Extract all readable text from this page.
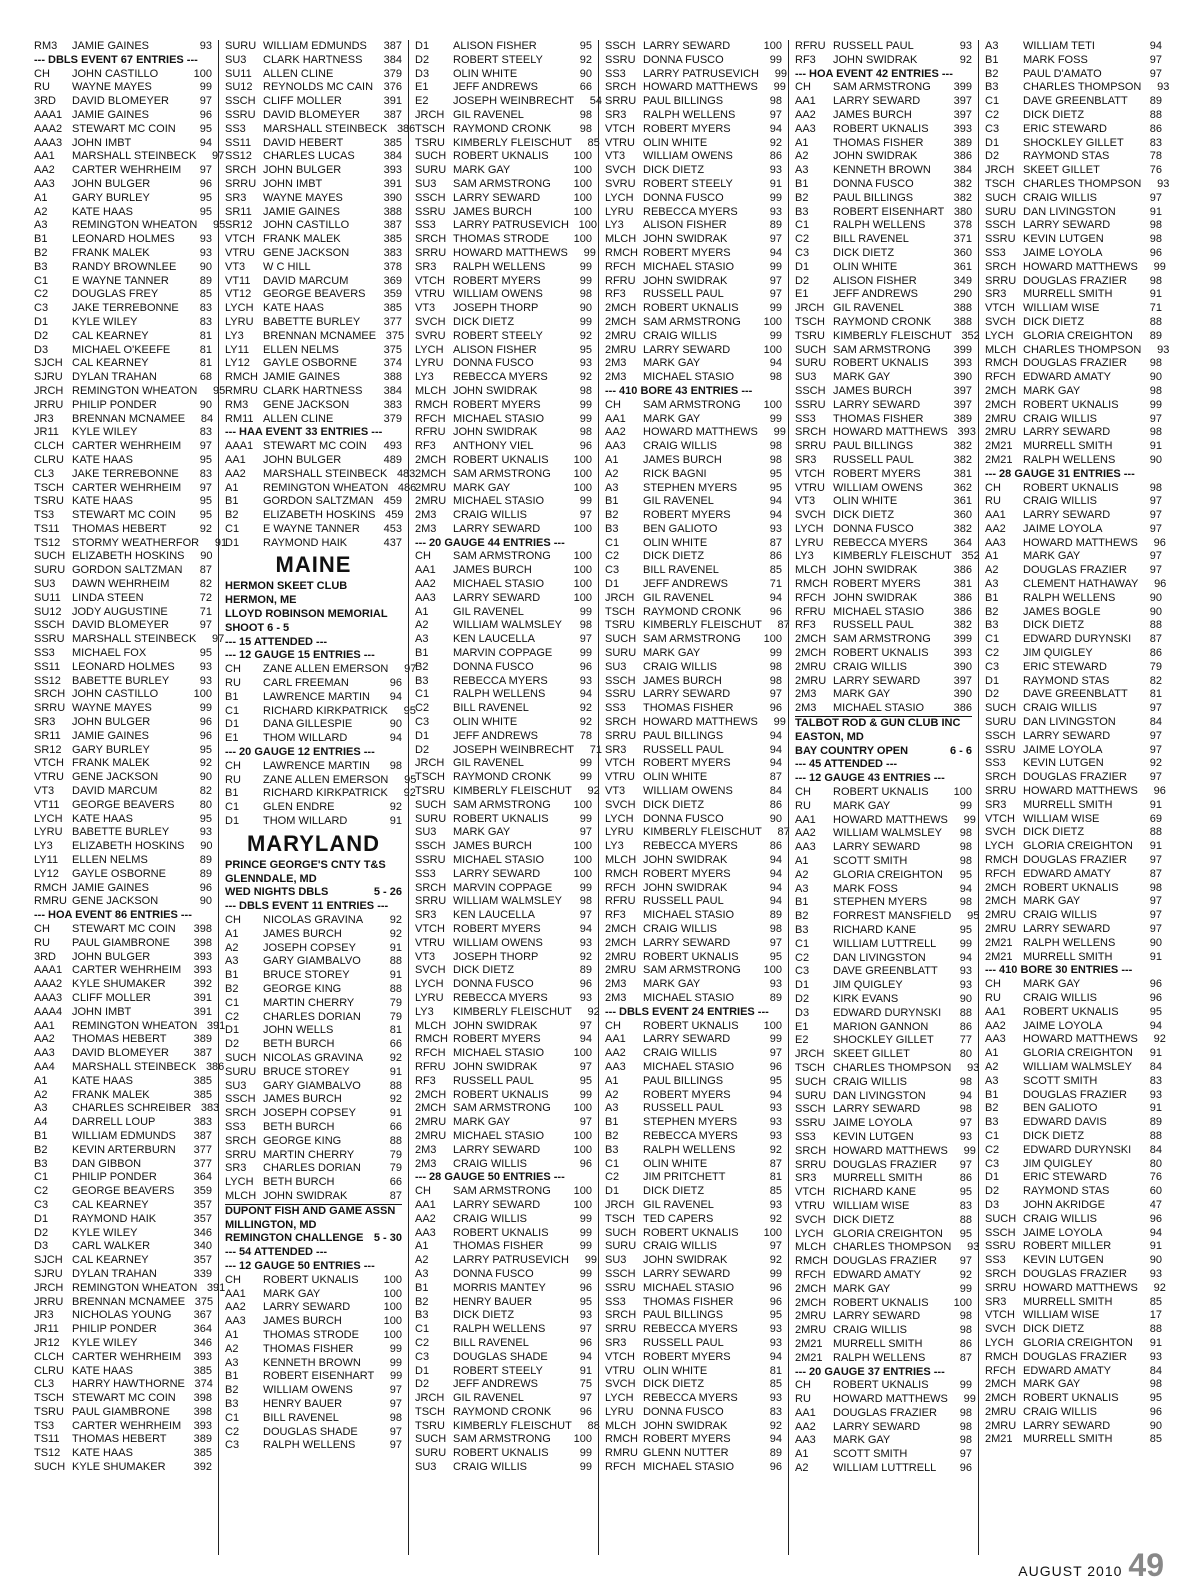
RM3	JAMIE GAINES	93
--- DBLS EVENT 67 ENTRIES ---
CH	JOHN CASTILLO	100
RU	WAYNE MAYES	99
3RD	DAVID BLOMEYER	97
AAA1 JAMIE GAINES	96
AAA2 STEWART MC COIN	95
AAA3 JOHN IMBT	94
AA1	MARSHALL STEINBECK	97
AA2	CARTER WEHRHEIM	97
AA3	JOHN BULGER	96
A1	GARY BURLEY	95
A2	KATE HAAS	95
A3	REMINGTON WHEATON	95
B1	LEONARD HOLMES	93
B2	FRANK MALEK	93
B3	RANDY BROWNLEE	90
C1	E WAYNE TANNER	89
C2	DOUGLAS FREY	85
C3	JAKE TERREBONNE	83
D1	KYLE WILEY	83
D2	CAL KEARNEY	81
D3	MICHAEL O'KEEFE	81
SJCH CAL KEARNEY	81
SJRU DYLAN TRAHAN	68
JRCH REMINGTON WHEATON	95
JRRU PHILIP PONDER	90
JR3	BRENNAN MCNAMEE	84
JR11	KYLE WILEY	83
CLCH CARTER WEHRHEIM	97
CLRU KATE HAAS	95
CL3	JAKE TERREBONNE	83
TSCH CARTER WEHRHEIM	97
TSRU KATE HAAS	95
TS3	STEWART MC COIN	95
TS11	THOMAS HEBERT	92
TS12	STORMY WEATHERFOR	91
SUCH ELIZABETH HOSKINS	90
SURU GORDON SALTZMAN	87
SU3	DAWN WEHRHEIM	82
SU11	LINDA STEEN	72
SU12 JODY AUGUSTINE	71
SSCH DAVID BLOMEYER	97
SSRU MARSHALL STEINBECK	97
SS3	MICHAEL FOX	95
SS11	LEONARD HOLMES	93
SS12	BABETTE BURLEY	93
SRCH JOHN CASTILLO	100
SRRU WAYNE MAYES	99
SR3	JOHN BULGER	96
SR11	JAMIE GAINES	96
SR12 GARY BURLEY	95
VTCH FRANK MALEK	92
VTRU GENE JACKSON	90
VT3	DAVID MARCUM	82
VT11	GEORGE BEAVERS	80
LYCH KATE HAAS	95
LYRU BABETTE BURLEY	93
LY3	ELIZABETH HOSKINS	90
LY11	ELLEN NELMS	89
LY12	GAYLE OSBORNE	89
RMCH JAMIE GAINES	96
RMRU GENE JACKSON	90
--- HOA EVENT 86 ENTRIES ---
CH	STEWART MC COIN	398
RU	PAUL GIAMBRONE	398
3RD	JOHN BULGER	393
AAA1 CARTER WEHRHEIM	393
AAA2 KYLE SHUMAKER	392
AAA3 CLIFF MOLLER	391
AAA4 JOHN IMBT	391
AA1	REMINGTON WHEATON 391
AA2	THOMAS HEBERT	389
AA3	DAVID BLOMEYER	387
AA4	MARSHALL STEINBECK 386
A1	KATE HAAS	385
A2	FRANK MALEK	385
A3	CHARLES SCHREIBER 383
A4	DARRELL LOUP	383
B1	WILLIAM EDMUNDS	387
B2	KEVIN ARTERBURN	377
B3	DAN GIBBON	377
C1	PHILIP PONDER	364
C2	GEORGE BEAVERS	359
C3	CAL KEARNEY	357
D1	RAYMOND HAIK	357
D2	KYLE WILEY	346
D3	CARL WALKER	340
SJCH CAL KEARNEY	357
SJRU DYLAN TRAHAN	339
JRCH REMINGTON WHEATON 391
JRRU BRENNAN MCNAMEE 375
JR3	NICHOLAS YOUNG	367
JR11	PHILIP PONDER	364
JR12	KYLE WILEY	346
CLCH CARTER WEHRHEIM	393
CLRU KATE HAAS	385
CL3	HARRY HAWTHORNE 374
TSCH STEWART MC COIN	398
TSRU PAUL GIAMBRONE	398
TS3	CARTER WEHRHEIM	393
TS11	THOMAS HEBERT	389
TS12	KATE HAAS	385
SUCH KYLE SHUMAKER	392
SURU WILLIAM EDMUNDS	387
SU3	CLARK HARTNESS	384
SU11	ALLEN CLINE	379
SU12 REYNOLDS MC CAIN 376
SSCH CLIFF MOLLER	391
SSRU DAVID BLOMEYER	387
SS3	MARSHALL STEINBECK 386
SS11	DAVID HEBERT	385
SS12	CHARLES LUCAS	384
SRCH JOHN BULGER	393
SRRU JOHN IMBT	391
SR3	WAYNE MAYES	390
SR11	JAMIE GAINES	388
SR12 JOHN CASTILLO	387
VTCH FRANK MALEK	385
VTRU GENE JACKSON	383
VT3	W C HILL	378
VT11	DAVID MARCUM	369
VT12	GEORGE BEAVERS	359
LYCH KATE HAAS	385
LYRU BABETTE BURLEY	377
LY3	BRENNAN MCNAMEE 375
LY11	ELLEN NELMS	375
LY12	GAYLE OSBORNE	374
RMCH JAMIE GAINES	388
RMRU CLARK HARTNESS	384
RM3	GENE JACKSON	383
RM11 ALLEN CLINE	379
--- HAA EVENT 33 ENTRIES ---
AAA1 STEWART MC COIN	493
AA1	JOHN BULGER	489
AA2	MARSHALL STEINBECK 483
A1	REMINGTON WHEATON 486
B1	GORDON SALTZMAN 459
B2	ELIZABETH HOSKINS 459
C1	E WAYNE TANNER	453
D1	RAYMOND HAIK	437
MAINE
HERMON SKEET CLUB
HERMON, ME
LLOYD ROBINSON MEMORIAL
SHOOT 6 - 5
--- 15 ATTENDED ---
--- 12 GAUGE 15 ENTRIES ---
CH	ZANE ALLEN EMERSON	97
RU	CARL FREEMAN	96
B1	LAWRENCE MARTIN	94
C1	RICHARD KIRKPATRICK	95
D1	DANA GILLESPIE	90
E1	THOM WILLARD	94
--- 20 GAUGE 12 ENTRIES ---
CH	LAWRENCE MARTIN	98
RU	ZANE ALLEN EMERSON	95
B1	RICHARD KIRKPATRICK	92
C1	GLEN ENDRE	92
D1	THOM WILLARD	91
MARYLAND
PRINCE GEORGE'S CNTY T&S
GLENNDALE, MD
WED NIGHTS DBLS	5 - 26
--- DBLS EVENT 11 ENTRIES ---
CH	NICOLAS GRAVINA	92
A1	JAMES BURCH	92
A2	JOSEPH COPSEY	91
A3	GARY GIAMBALVO	88
B1	BRUCE STOREY	91
B2	GEORGE KING	88
C1	MARTIN CHERRY	79
C2	CHARLES DORIAN	79
D1	JOHN WELLS	81
D2	BETH BURCH	66
SUCH NICOLAS GRAVINA	92
SURU BRUCE STOREY	91
SU3	GARY GIAMBALVO	88
SSCH JAMES BURCH	92
SRCH JOSEPH COPSEY	91
SS3	BETH BURCH	66
SRCH GEORGE KING	88
SRRU MARTIN CHERRY	79
SR3	CHARLES DORIAN	79
LYCH BETH BURCH	66
MLCH JOHN SWIDRAK	87
DUPONT FISH AND GAME ASSN
MILLINGTON, MD
REMINGTON CHALLENGE 5 - 30
--- 54 ATTENDED ---
--- 12 GAUGE 50 ENTRIES ---
CH	ROBERT UKNALIS	100
AA1	MARK GAY	100
AA2	LARRY SEWARD	100
AA3	JAMES BURCH	100
A1	THOMAS STRODE	100
A2	THOMAS FISHER	99
A3	KENNETH BROWN	99
B1	ROBERT EISENHART	99
B2	WILLIAM OWENS	97
B3	HENRY BAUER	97
C1	BILL RAVENEL	98
C2	DOUGLAS SHADE	97
C3	RALPH WELLENS	97
D1	ALISON FISHER	95
D2	ROBERT STEELY	92
D3	OLIN WHITE	90
E1	JEFF ANDREWS	66
E2	JOSEPH WEINBRECHT	54
JRCH GIL RAVENEL	98
TSCH RAYMOND CRONK	98
TSRU KIMBERLY FLEISCHUT	85
SUCH ROBERT UKNALIS	100
SURU MARK GAY	100
SU3	SAM ARMSTRONG	100
SSCH LARRY SEWARD	100
SSRU JAMES BURCH	100
SS3	LARRY PATRUSEVICH 100
SRCH THOMAS STRODE	100
SRRU HOWARD MATTHEWS	99
SR3	RALPH WELLENS	99
VTCH ROBERT MYERS	99
VTRU WILLIAM OWENS	98
VT3	JOSEPH THORP	90
SVCH DICK DIETZ	99
SVRU ROBERT STEELY	92
LYCH ALISON FISHER	95
LYRU DONNA FUSCO	93
LY3	REBECCA MYERS	92
MLCH JOHN SWIDRAK	98
RMCH ROBERT MYERS	99
RFCH MICHAEL STASIO	99
RFRU JOHN SWIDRAK	98
RF3	ANTHONY VIEL	96
2MCH ROBERT UKNALIS	100
2MCH SAM ARMSTRONG	100
2MRU MARK GAY	100
2MRU MICHAEL STASIO	99
2M3	CRAIG WILLIS	97
2M3	LARRY SEWARD	100
--- 20 GAUGE 44 ENTRIES ---
CH	SAM ARMSTRONG	100
AA1	JAMES BURCH	100
AA2	MICHAEL STASIO	100
AA3	LARRY SEWARD	100
A1	GIL RAVENEL	99
A2	WILLIAM WALMSLEY	98
A3	KEN LAUCELLA	97
B1	MARVIN COPPAGE	99
B2	DONNA FUSCO	96
B3	REBECCA MYERS	93
C1	RALPH WELLENS	94
C2	BILL RAVENEL	92
C3	OLIN WHITE	92
D1	JEFF ANDREWS	78
D2	JOSEPH WEINBRECHT	71
JRCH GIL RAVENEL	99
TSCH RAYMOND CRONK	99
TSRU KIMBERLY FLEISCHUT	92
SUCH SAM ARMSTRONG	100
SURU ROBERT UKNALIS	99
SU3	MARK GAY	97
SSCH JAMES BURCH	100
SSRU MICHAEL STASIO	100
SS3	LARRY SEWARD	100
SRCH MARVIN COPPAGE	99
SRRU WILLIAM WALMSLEY	98
SR3	KEN LAUCELLA	97
VTCH ROBERT MYERS	94
VTRU WILLIAM OWENS	93
VT3	JOSEPH THORP	92
SVCH DICK DIETZ	89
LYCH DONNA FUSCO	96
LYRU REBECCA MYERS	93
LY3	KIMBERLY FLEISCHUT	92
MLCH JOHN SWIDRAK	97
RMCH ROBERT MYERS	94
RFCH MICHAEL STASIO	100
RFRU JOHN SWIDRAK	97
RF3	RUSSELL PAUL	95
2MCH ROBERT UKNALIS	99
2MCH SAM ARMSTRONG	100
2MRU MARK GAY	97
2MRU MICHAEL STASIO	100
2M3	LARRY SEWARD	100
2M3	CRAIG WILLIS	96
--- 28 GAUGE 50 ENTRIES ---
CH	SAM ARMSTRONG	100
AA1	LARRY SEWARD	100
AA2	CRAIG WILLIS	99
AA3	ROBERT UKNALIS	99
A1	THOMAS FISHER	99
A2	LARRY PATRUSEVICH	99
A3	DONNA FUSCO	99
B1	MORRIS MANTEY	96
B2	HENRY BAUER	95
B3	DICK DIETZ	93
C1	RALPH WELLENS	97
C2	BILL RAVENEL	96
C3	DOUGLAS SHADE	94
D1	ROBERT STEELY	91
D2	JEFF ANDREWS	75
JRCH GIL RAVENEL	97
TSCH RAYMOND CRONK	96
TSRU KIMBERLY FLEISCHUT	88
SUCH SAM ARMSTRONG	100
SURU ROBERT UKNALIS	99
SU3	CRAIG WILLIS	99
SSCH LARRY SEWARD	100
SSRU DONNA FUSCO	99
SS3	LARRY PATRUSEVICH	99
SRCH HOWARD MATTHEWS	99
SRRU PAUL BILLINGS	98
SR3	RALPH WELLENS	97
VTCH ROBERT MYERS	94
VTRU OLIN WHITE	92
VT3	WILLIAM OWENS	86
SVCH DICK DIETZ	93
SVRU ROBERT STEELY	91
LYCH DONNA FUSCO	99
LYRU REBECCA MYERS	93
LY3	ALISON FISHER	89
MLCH JOHN SWIDRAK	97
RMCH ROBERT MYERS	94
RFCH MICHAEL STASIO	99
RFRU JOHN SWIDRAK	97
RF3	RUSSELL PAUL	97
2MCH ROBERT UKNALIS	99
2MCH SAM ARMSTRONG	100
2MRU CRAIG WILLIS	99
2MRU LARRY SEWARD	100
2M3	MARK GAY	94
2M3	MICHAEL STASIO	98
--- 410 BORE 43 ENTRIES ---
CH	SAM ARMSTRONG	100
AA1	MARK GAY	99
AA2	HOWARD MATTHEWS	99
AA3	CRAIG WILLIS	98
A1	JAMES BURCH	98
A2	RICK BAGNI	95
A3	STEPHEN MYERS	95
B1	GIL RAVENEL	94
B2	ROBERT MYERS	94
B3	BEN GALIOTO	93
C1	OLIN WHITE	87
C2	DICK DIETZ	86
C3	BILL RAVENEL	85
D1	JEFF ANDREWS	71
JRCH GIL RAVENEL	94
TSCH RAYMOND CRONK	96
TSRU KIMBERLY FLEISCHUT	87
SUCH SAM ARMSTRONG	100
SURU MARK GAY	99
SU3	CRAIG WILLIS	98
SSCH JAMES BURCH	98
SSRU LARRY SEWARD	97
SS3	THOMAS FISHER	96
SRCH HOWARD MATTHEWS	99
SRRU PAUL BILLINGS	94
SR3	RUSSELL PAUL	94
VTCH ROBERT MYERS	94
VTRU OLIN WHITE	87
VT3	WILLIAM OWENS	84
SVCH DICK DIETZ	86
LYCH DONNA FUSCO	90
LYRU KIMBERLY FLEISCHUT	87
LY3	REBECCA MYERS	86
MLCH JOHN SWIDRAK	94
RMCH ROBERT MYERS	94
RFCH JOHN SWIDRAK	94
RFRU RUSSELL PAUL	94
RF3	MICHAEL STASIO	89
2MCH CRAIG WILLIS	98
2MCH LARRY SEWARD	97
2MRU ROBERT UKNALIS	95
2MRU SAM ARMSTRONG	100
2M3	MARK GAY	93
2M3	MICHAEL STASIO	89
--- DBLS EVENT 24 ENTRIES ---
CH	ROBERT UKNALIS	100
AA1	LARRY SEWARD	99
AA2	CRAIG WILLIS	97
AA3	MICHAEL STASIO	96
A1	PAUL BILLINGS	95
A2	ROBERT MYERS	94
A3	RUSSELL PAUL	93
B1	STEPHEN MYERS	93
B2	REBECCA MYERS	93
B3	RALPH WELLENS	92
C1	OLIN WHITE	87
C2	JIM PRITCHETT	81
D1	DICK DIETZ	85
JRCH GIL RAVENEL	93
TSCH TED CAPERS	92
SUCH ROBERT UKNALIS	100
SURU CRAIG WILLIS	97
SU3	JOHN SWIDRAK	92
SSCH LARRY SEWARD	99
SSRU MICHAEL STASIO	96
SS3	THOMAS FISHER	96
SRCH PAUL BILLINGS	95
SRRU REBECCA MYERS	93
SR3	RUSSELL PAUL	93
VTCH ROBERT MYERS	94
VTRU OLIN WHITE	81
SVCH DICK DIETZ	85
LYCH REBECCA MYERS	93
LYRU DONNA FUSCO	83
MLCH JOHN SWIDRAK	92
RMCH ROBERT MYERS	94
RMRU GLENN NUTTER	89
RFCH MICHAEL STASIO	96
RFRU RUSSELL PAUL	93
RF3	JOHN SWIDRAK	92
--- HOA EVENT 42 ENTRIES ---
CH	SAM ARMSTRONG	399
AA1	LARRY SEWARD	397
AA2	JAMES BURCH	397
AA3	ROBERT UKNALIS	393
A1	THOMAS FISHER	389
A2	JOHN SWIDRAK	386
A3	KENNETH BROWN	384
B1	DONNA FUSCO	382
B2	PAUL BILLINGS	382
B3	ROBERT EISENHART 380
C1	RALPH WELLENS	378
C2	BILL RAVENEL	371
C3	DICK DIETZ	360
D1	OLIN WHITE	361
D2	ALISON FISHER	349
E1	JEFF ANDREWS	290
JRCH GIL RAVENEL	388
TSCH RAYMOND CRONK	388
TSRU KIMBERLY FLEISCHUT 352
SUCH SAM ARMSTRONG	399
SURU ROBERT UKNALIS	393
SU3	MARK GAY	390
SSCH JAMES BURCH	397
SSRU LARRY SEWARD	397
SS3	THOMAS FISHER	389
SRCH HOWARD MATTHEWS 393
SRRU PAUL BILLINGS	382
SR3	RUSSELL PAUL	382
VTCH ROBERT MYERS	381
VTRU WILLIAM OWENS	362
VT3	OLIN WHITE	361
SVCH DICK DIETZ	360
LYCH DONNA FUSCO	382
LYRU REBECCA MYERS	364
LY3	KIMBERLY FLEISCHUT 352
MLCH JOHN SWIDRAK	386
RMCH ROBERT MYERS	381
RFCH JOHN SWIDRAK	386
RFRU MICHAEL STASIO	386
RF3	RUSSELL PAUL	382
2MCH SAM ARMSTRONG	399
2MCH ROBERT UKNALIS	393
2MRU CRAIG WILLIS	390
2MRU LARRY SEWARD	397
2M3	MARK GAY	390
2M3	MICHAEL STASIO	386
TALBOT ROD & GUN CLUB INC
EASTON, MD
BAY COUNTRY OPEN	6 - 6
--- 45 ATTENDED ---
--- 12 GAUGE 43 ENTRIES ---
CH	ROBERT UKNALIS	100
RU	MARK GAY	99
AA1	HOWARD MATTHEWS	99
AA2	WILLIAM WALMSLEY	98
AA3	LARRY SEWARD	98
A1	SCOTT SMITH	98
A2	GLORIA CREIGHTON	95
A3	MARK FOSS	94
B1	STEPHEN MYERS	98
B2	FORREST MANSFIELD	95
B3	RICHARD KANE	95
C1	WILLIAM LUTTRELL	99
C2	DAN LIVINGSTON	94
C3	DAVE GREENBLATT	93
D1	JIM QUIGLEY	93
D2	KIRK EVANS	90
D3	EDWARD DURYNSKI	88
E1	MARION GANNON	86
E2	SHOCKLEY GILLET	77
JRCH SKEET GILLET	80
TSCH CHARLES THOMPSON	93
SUCH CRAIG WILLIS	98
SURU DAN LIVINGSTON	94
SSCH LARRY SEWARD	98
SSRU JAIME LOYOLA	97
SS3	KEVIN LUTGEN	93
SRCH HOWARD MATTHEWS	99
SRRU DOUGLAS FRAZIER	97
SR3	MURRELL SMITH	86
VTCH RICHARD KANE	95
VTRU WILLIAM WISE	83
SVCH DICK DIETZ	88
LYCH GLORIA CREIGHTON	95
MLCH CHARLES THOMPSON	93
RMCH DOUGLAS FRAZIER	97
RFCH EDWARD AMATY	92
2MCH MARK GAY	99
2MCH ROBERT UKNALIS	100
2MRU LARRY SEWARD	98
2MRU CRAIG WILLIS	98
2M21 MURRELL SMITH	86
2M21 RALPH WELLENS	87
--- 20 GAUGE 37 ENTRIES ---
CH	ROBERT UKNALIS	99
RU	HOWARD MATTHEWS	99
AA1	DOUGLAS FRAZIER	98
AA2	LARRY SEWARD	98
AA3	MARK GAY	98
A1	SCOTT SMITH	97
A2	WILLIAM LUTTRELL	96
A3	WILLIAM TETI	94
B1	MARK FOSS	97
B2	PAUL D'AMATO	97
B3	CHARLES THOMPSON	93
C1	DAVE GREENBLATT	89
C2	DICK DIETZ	88
C3	ERIC STEWARD	86
D1	SHOCKLEY GILLET	83
D2	RAYMOND STAS	78
JRCH SKEET GILLET	76
TSCH CHARLES THOMPSON	93
SUCH CRAIG WILLIS	97
SURU DAN LIVINGSTON	91
SSCH LARRY SEWARD	98
SSRU KEVIN LUTGEN	98
SS3	JAIME LOYOLA	96
SRCH HOWARD MATTHEWS	99
SRRU DOUGLAS FRAZIER	98
SR3	MURRELL SMITH	91
VTCH WILLIAM WISE	71
SVCH DICK DIETZ	88
LYCH GLORIA CREIGHTON	89
MLCH CHARLES THOMPSON	93
RMCH DOUGLAS FRAZIER	98
RFCH EDWARD AMATY	90
2MCH MARK GAY	98
2MCH ROBERT UKNALIS	99
2MRU CRAIG WILLIS	97
2MRU LARRY SEWARD	98
2M21 MURRELL SMITH	91
2M21 RALPH WELLENS	90
--- 28 GAUGE 31 ENTRIES ---
CH	ROBERT UKNALIS	98
RU	CRAIG WILLIS	97
AA1	LARRY SEWARD	97
AA2	JAIME LOYOLA	97
AA3	HOWARD MATTHEWS	96
A1	MARK GAY	97
A2	DOUGLAS FRAZIER	97
A3	CLEMENT HATHAWAY	96
B1	RALPH WELLENS	90
B2	JAMES BOGLE	90
B3	DICK DIETZ	88
C1	EDWARD DURYNSKI	87
C2	JIM QUIGLEY	86
C3	ERIC STEWARD	79
D1	RAYMOND STAS	82
D2	DAVE GREENBLATT	81
SUCH CRAIG WILLIS	97
SURU DAN LIVINGSTON	84
SSCH LARRY SEWARD	97
SSRU JAIME LOYOLA	97
SS3	KEVIN LUTGEN	92
SRCH DOUGLAS FRAZIER	97
SRRU HOWARD MATTHEWS	96
SR3	MURRELL SMITH	91
VTCH WILLIAM WISE	69
SVCH DICK DIETZ	88
LYCH GLORIA CREIGHTON	91
RMCH DOUGLAS FRAZIER	97
RFCH EDWARD AMATY	87
2MCH ROBERT UKNALIS	98
2MCH MARK GAY	97
2MRU CRAIG WILLIS	97
2MRU LARRY SEWARD	97
2M21 RALPH WELLENS	90
2M21 MURRELL SMITH	91
--- 410 BORE 30 ENTRIES ---
CH	MARK GAY	96
RU	CRAIG WILLIS	96
AA1	ROBERT UKNALIS	95
AA2	JAIME LOYOLA	94
AA3	HOWARD MATTHEWS	92
A1	GLORIA CREIGHTON	91
A2	WILLIAM WALMSLEY	84
A3	SCOTT SMITH	83
B1	DOUGLAS FRAZIER	93
B2	BEN GALIOTO	91
B3	EDWARD DAVIS	89
C1	DICK DIETZ	88
C2	EDWARD DURYNSKI	84
C3	JIM QUIGLEY	80
D1	ERIC STEWARD	76
D2	RAYMOND STAS	60
D3	JOHN AKRIDGE	47
SUCH CRAIG WILLIS	96
SSCH JAIME LOYOLA	94
SSRU ROBERT MILLER	91
SS3	KEVIN LUTGEN	90
SRCH DOUGLAS FRAZIER	93
SRRU HOWARD MATTHEWS	92
SR3	MURRELL SMITH	85
VTCH WILLIAM WISE	17
SVCH DICK DIETZ	88
LYCH GLORIA CREIGHTON	91
RMCH DOUGLAS FRAZIER	93
RFCH EDWARD AMATY	84
2MCH MARK GAY	98
2MCH ROBERT UKNALIS	95
2MRU CRAIG WILLIS	96
2MRU LARRY SEWARD	90
2M21 MURRELL SMITH	85
AUGUST 2010 49
